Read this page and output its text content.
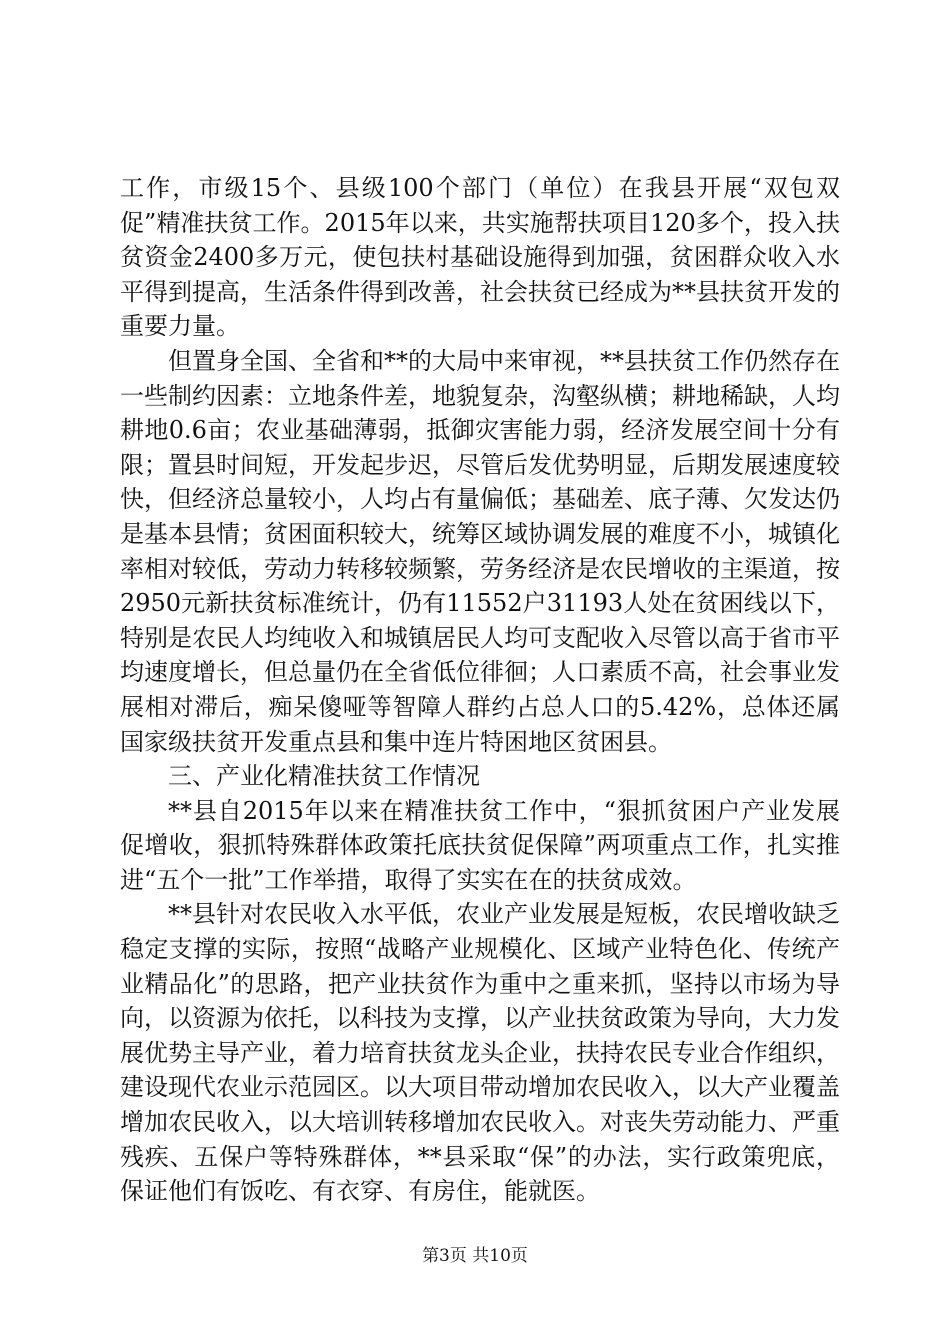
工作，市级15个、县级100个部门（单位）在我县开展“双包双促”精准扶贫工作。2015年以来，共实施帮扶项目120多个，投入扶贫资金2400多万元，使包扶村基础设施得到加强，贫困群众收入水平得到提高，生活条件得到改善，社会扶贫已经成为**县扶贫开发的重要力量。

但置身全国、全省和**的大局中来审视，**县扶贫工作仍然存在一些制约因素：立地条件差，地貌复杂，沟壑纵横；耕地稀缺，人均耕地0.6亩；农业基础薄弱，抵御灾害能力弱，经济发展空间十分有限；置县时间短，开发起步迟，尽管后发优势明显，后期发展速度较快，但经济总量较小，人均占有量偏低；基础差、底子薄、欠发达仍是基本县情；贫困面积较大，统筹区域协调发展的难度不小，城镇化率相对较低，劳动力转移较频繁，劳务经济是农民增收的主渠道，按2950元新扶贫标准统计，仍有11552户31193人处在贫困线以下，特别是农民人均纯收入和城镇居民人均可支配收入尽管以高于省市平均速度增长，但总量仍在全省低位徘徊；人口素质不高，社会事业发展相对滞后，痴呆傻哑等智障人群约占总人口的5.42%，总体还属国家级扶贫开发重点县和集中连片特困地区贫困县。

三、产业化精准扶贫工作情况

**县自2015年以来在精准扶贫工作中，“狠抓贫困户产业发展促增收，狠抓特殊群体政策托底扶贫促保障”两项重点工作，扎实推进“五个一批”工作举措，取得了实实在在的扶贫成效。

**县针对农民收入水平低，农业产业发展是短板，农民增收缺乏稳定支撑的实际，按照“战略产业规模化、区域产业特色化、传统产业精品化”的思路，把产业扶贫作为重中之重来抓，坚持以市场为导向，以资源为依托，以科技为支撑，以产业扶贫政策为导向，大力发展优势主导产业，着力培育扶贫龙头企业，扶持农民专业合作组织，建设现代农业示范园区。以大项目带动增加农民收入，以大产业覆盖增加农民收入，以大培训转移增加农民收入。对丧失劳动能力、严重残疾、五保户等特殊群体，**县采取“保”的办法，实行政策兜底，保证他们有饭吃、有衣穿、有房住，能就医。

第3页 共10页
